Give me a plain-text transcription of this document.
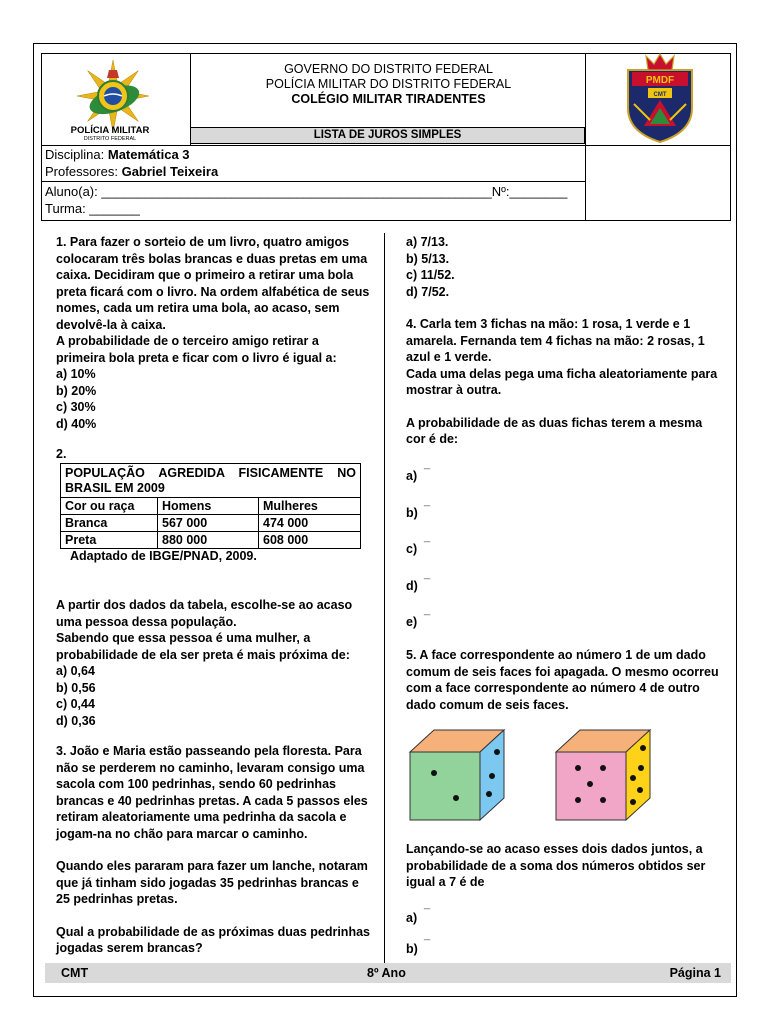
POLÍCIA MILITAR
DISTRITO FEDERAL
GOVERNO DO DISTRITO FEDERAL
POLÍCIA MILITAR DO DISTRITO FEDERAL
COLÉGIO MILITAR TIRADENTES
LISTA DE JUROS SIMPLES
PMDF
CMT
Disciplina: Matemática 3
Professores: Gabriel Teixeira
Aluno(a): ______________________________________________________Nº:________
Turma: _______

1. Para fazer o sorteio de um livro, quatro amigos

colocaram três bolas brancas e duas pretas em uma

caixa. Decidiram que o primeiro a retirar uma bola

preta ficará com o livro. Na ordem alfabética de seus

nomes, cada um retira uma bola, ao acaso, sem

devolvê-la à caixa.

A probabilidade de o terceiro amigo retirar a

primeira bola preta e ficar com o livro é igual a:

a) 10%

b) 20%

c) 30%

d) 40%

2.

POPULAÇÃO AGREDIDA FISICAMENTE NO BRASIL EM 2009		
Cor ou raça	Homens	Mulheres
Branca	567 000	474 000
Preta	880 000	608 000

Adaptado de IBGE/PNAD, 2009.

A partir dos dados da tabela, escolhe-se ao acaso

uma pessoa dessa população.

Sabendo que essa pessoa é uma mulher, a

probabilidade de ela ser preta é mais próxima de:

a) 0,64

b) 0,56

c) 0,44

d) 0,36

3. João e Maria estão passeando pela floresta. Para

não se perderem no caminho, levaram consigo uma

sacola com 100 pedrinhas, sendo 60 pedrinhas

brancas e 40 pedrinhas pretas. A cada 5 passos eles

retiram aleatoriamente uma pedrinha da sacola e

jogam-na no chão para marcar o caminho.

Quando eles pararam para fazer um lanche, notaram

que já tinham sido jogadas 35 pedrinhas brancas e

25 pedrinhas pretas.

Qual a probabilidade de as próximas duas pedrinhas

jogadas serem brancas?

a) 7/13.

b) 5/13.

c) 11/52.

d) 7/52.

4. Carla tem 3 fichas na mão: 1 rosa, 1 verde e 1

amarela. Fernanda tem 4 fichas na mão: 2 rosas, 1

azul e 1 verde.

Cada uma delas pega uma ficha aleatoriamente para

mostrar à outra.

A probabilidade de as duas fichas terem a mesma

cor é de:

_
a)
_
b)
_
c)
_
d)
_
e)

5. A face correspondente ao número 1 de um dado

comum de seis faces foi apagada. O mesmo ocorreu

com a face correspondente ao número 4 de outro

dado comum de seis faces.

Lançando-se ao acaso esses dois dados juntos, a

probabilidade de a soma dos números obtidos ser

igual a 7 é de

_
a)
_
b)
CMT	8º Ano	Página 1
